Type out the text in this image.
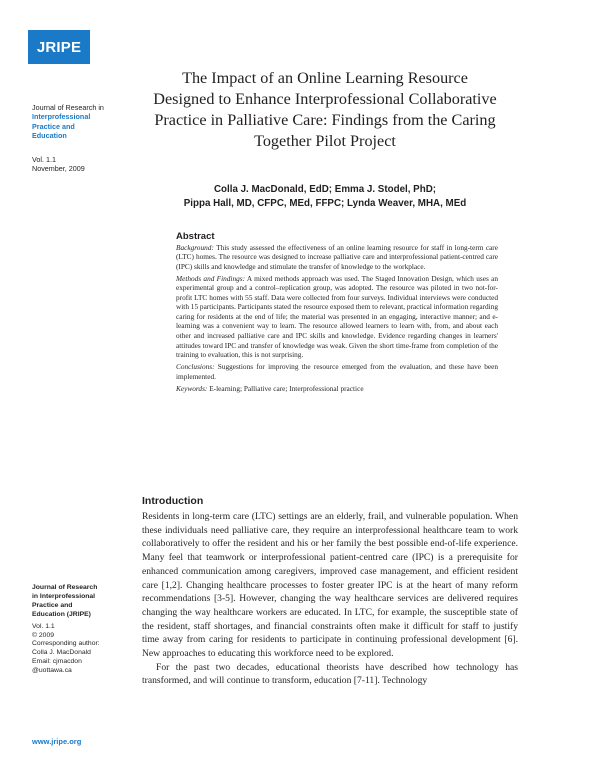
JRIPE
Journal of Research in
Interprofessional
Practice and
Education
Vol. 1.1
November, 2009
Journal of Research
in Interprofessional
Practice and
Education (JRIPE)
Vol. 1.1
© 2009
Corresponding author:
Colla J. MacDonald
Email: cjmacdon
@uottawa.ca
www.jripe.org
The Impact of an Online Learning Resource Designed to Enhance Interprofessional Collaborative Practice in Palliative Care: Findings from the Caring Together Pilot Project
Colla J. MacDonald, EdD; Emma J. Stodel, PhD;
Pippa Hall, MD, CFPC, MEd, FFPC; Lynda Weaver, MHA, MEd
Abstract

Background: This study assessed the effectiveness of an online learning resource for staff in long-term care (LTC) homes. The resource was designed to increase palliative care and interprofessional patient-centred care (IPC) skills and knowledge and stimulate the transfer of knowledge to the workplace.

Methods and Findings: A mixed methods approach was used. The Staged Innovation Design, which uses an experimental group and a control–replication group, was adopted. The resource was piloted in two not-for-profit LTC homes with 55 staff. Data were collected from four surveys. Individual interviews were conducted with 15 participants. Participants stated the resource exposed them to relevant, practical information regarding caring for residents at the end of life; the material was presented in an engaging, interactive manner; and e-learning was a convenient way to learn. The resource allowed learners to learn with, from, and about each other and increased palliative care and IPC skills and knowledge. Evidence regarding changes in learners' attitudes toward IPC and transfer of knowledge was weak. Given the short time-frame from completion of the training to evaluation, this is not surprising.

Conclusions: Suggestions for improving the resource emerged from the evaluation, and these have been implemented.

Keywords: E-learning; Palliative care; Interprofessional practice

Introduction

Residents in long-term care (LTC) settings are an elderly, frail, and vulnerable population. When these individuals need palliative care, they require an interprofessional healthcare team to work collaboratively to offer the resident and his or her family the best possible end-of-life experience. Many feel that teamwork or interprofessional patient-centred care (IPC) is a prerequisite for enhanced communication among caregivers, improved case management, and efficient resident care [1,2]. Changing healthcare processes to foster greater IPC is at the heart of many reform recommendations [3-5]. However, changing the way healthcare services are delivered requires changing the way healthcare workers are educated. In LTC, for example, the susceptible state of the resident, staff shortages, and financial constraints often make it difficult for staff to justify time away from caring for residents to participate in continuing professional development [6]. New approaches to educating this workforce need to be explored.

For the past two decades, educational theorists have described how technology has transformed, and will continue to transform, education [7-11]. Technology
